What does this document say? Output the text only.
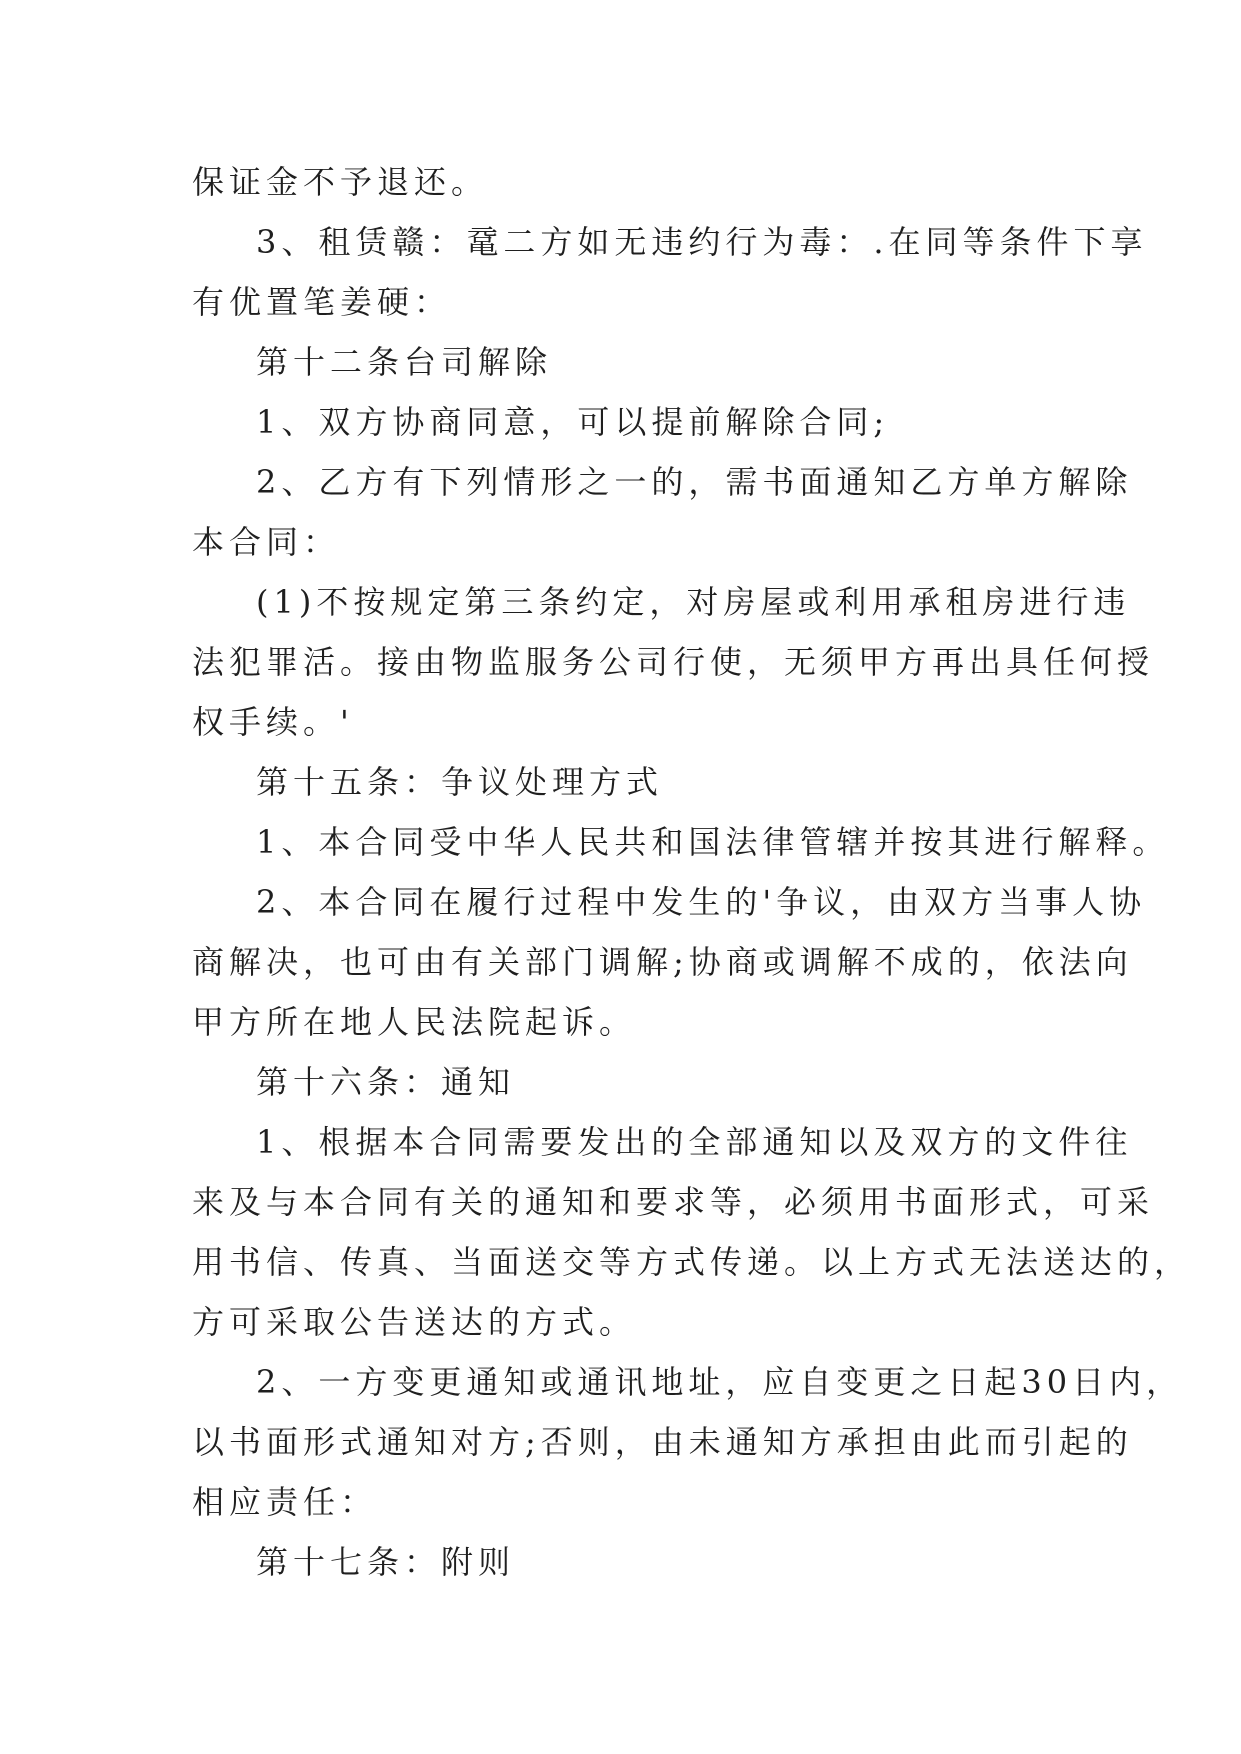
保证金不予退还。
3、租赁赣：鼋二方如无违约行为毒：.在同等条件下享
有优置笔姜硬：
第十二条台司解除
1、双方协商同意，可以提前解除合同;
2、乙方有下列情形之一的，需书面通知乙方单方解除
本合同：
(1)不按规定第三条约定，对房屋或利用承租房进行违
法犯罪活。接由物监服务公司行使，无须甲方再出具任何授
权手续。'
第十五条：争议处理方式
1、本合同受中华人民共和国法律管辖并按其进行解释。
2、本合同在履行过程中发生的'争议，由双方当事人协
商解决，也可由有关部门调解;协商或调解不成的，依法向
甲方所在地人民法院起诉。
第十六条：通知
1、根据本合同需要发出的全部通知以及双方的文件往
来及与本合同有关的通知和要求等，必须用书面形式，可采
用书信、传真、当面送交等方式传递。以上方式无法送达的，
方可采取公告送达的方式。
2、一方变更通知或通讯地址，应自变更之日起30日内，
以书面形式通知对方;否则，由未通知方承担由此而引起的
相应责任：
第十七条：附则
